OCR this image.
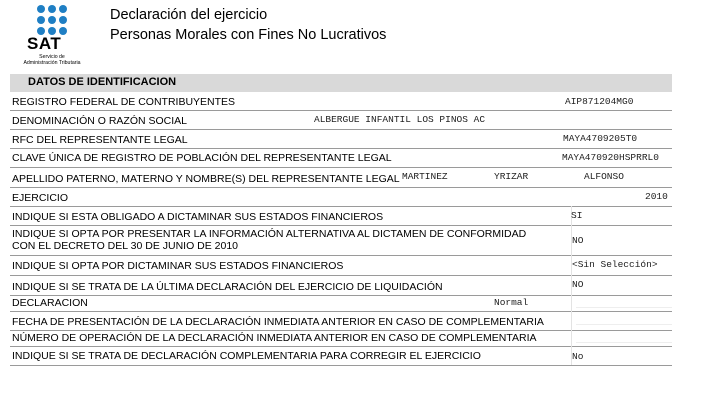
SAT
Servicio de
Administración Tributaria
Declaración del ejercicio
Personas Morales con Fines No Lucrativos
DATOS DE IDENTIFICACION
REGISTRO FEDERAL DE CONTRIBUYENTES	AIP871204MG0
DENOMINACIÓN O RAZÓN SOCIAL	ALBERGUE INFANTIL LOS PINOS AC
RFC DEL REPRESENTANTE LEGAL	MAYA4709205T0
CLAVE ÚNICA DE REGISTRO DE POBLACIÓN DEL REPRESENTANTE LEGAL	MAYA470920HSPRRL0
APELLIDO PATERNO, MATERNO Y NOMBRE(S) DEL REPRESENTANTE LEGAL MARTINEZ	YRIZAR	ALFONSO
EJERCICIO	2010
INDIQUE SI ESTA OBLIGADO A DICTAMINAR SUS ESTADOS FINANCIEROS	SI
INDIQUE SI OPTA POR PRESENTAR LA INFORMACIÓN ALTERNATIVA AL DICTAMEN DE CONFORMIDAD CON EL DECRETO DEL 30 DE JUNIO DE 2010	NO
INDIQUE SI OPTA POR DICTAMINAR SUS ESTADOS FINANCIEROS	<Sin Selección>
INDIQUE SI SE TRATA DE LA ÚLTIMA DECLARACIÓN DEL EJERCICIO DE LIQUIDACIÓN	NO
DECLARACION	Normal
FECHA DE PRESENTACIÓN DE LA DECLARACIÓN INMEDIATA ANTERIOR EN CASO DE COMPLEMENTARIA
NÚMERO DE OPERACIÓN DE LA DECLARACIÓN INMEDIATA ANTERIOR EN CASO DE COMPLEMENTARIA
INDIQUE SI SE TRATA DE DECLARACIÓN COMPLEMENTARIA PARA CORREGIR EL EJERCICIO	No
